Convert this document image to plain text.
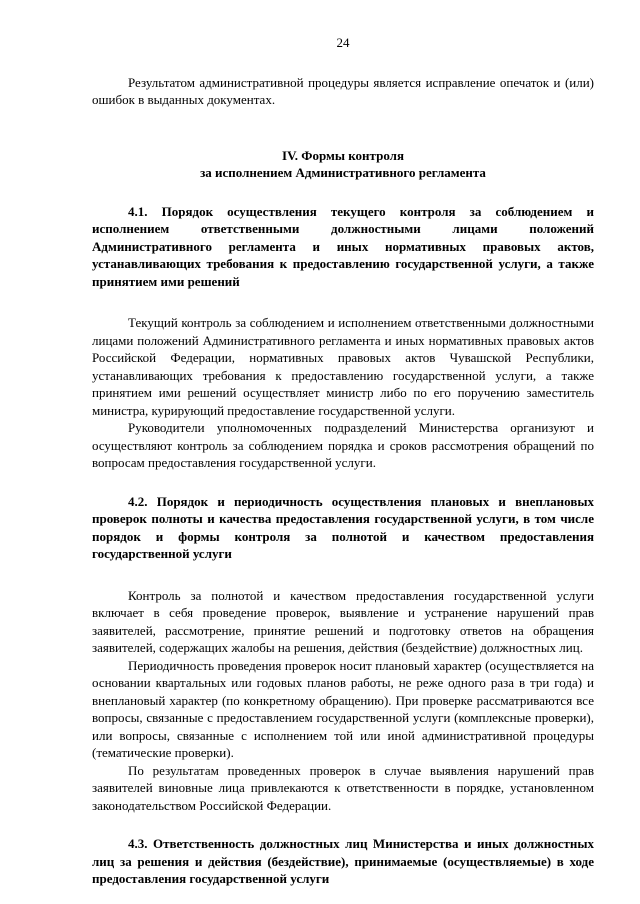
24

Результатом административной процедуры является исправление опечаток и (или) ошибок в выданных документах.

IV. Формы контроля
за исполнением Административного регламента

4.1. Порядок осуществления текущего контроля за соблюдением и исполнением ответственными должностными лицами положений Административного регламента и иных нормативных правовых актов, устанавливающих требования к предоставлению государственной услуги, а также принятием ими решений

Текущий контроль за соблюдением и исполнением ответственными должностными лицами положений Административного регламента и иных нормативных правовых актов Российской Федерации, нормативных правовых актов Чувашской Республики, устанавливающих требования к предоставлению государственной услуги, а также принятием ими решений осуществляет министр либо по его поручению заместитель министра, курирующий предоставление государственной услуги.

Руководители уполномоченных подразделений Министерства организуют и осуществляют контроль за соблюдением порядка и сроков рассмотрения обращений по вопросам предоставления государственной услуги.

4.2. Порядок и периодичность осуществления плановых и внеплановых проверок полноты и качества предоставления государственной услуги, в том числе порядок и формы контроля за полнотой и качеством предоставления государственной услуги

Контроль за полнотой и качеством предоставления государственной услуги включает в себя проведение проверок, выявление и устранение нарушений прав заявителей, рассмотрение, принятие решений и подготовку ответов на обращения заявителей, содержащих жалобы на решения, действия (бездействие) должностных лиц.

Периодичность проведения проверок носит плановый характер (осуществляется на основании квартальных или годовых планов работы, не реже одного раза в три года) и внеплановый характер (по конкретному обращению). При проверке рассматриваются все вопросы, связанные с предоставлением государственной услуги (комплексные проверки), или вопросы, связанные с исполнением той или иной административной процедуры (тематические проверки).

По результатам проведенных проверок в случае выявления нарушений прав заявителей виновные лица привлекаются к ответственности в порядке, установленном законодательством Российской Федерации.

4.3. Ответственность должностных лиц Министерства и иных должностных лиц за решения и действия (бездействие), принимаемые (осуществляемые) в ходе предоставления государственной услуги
